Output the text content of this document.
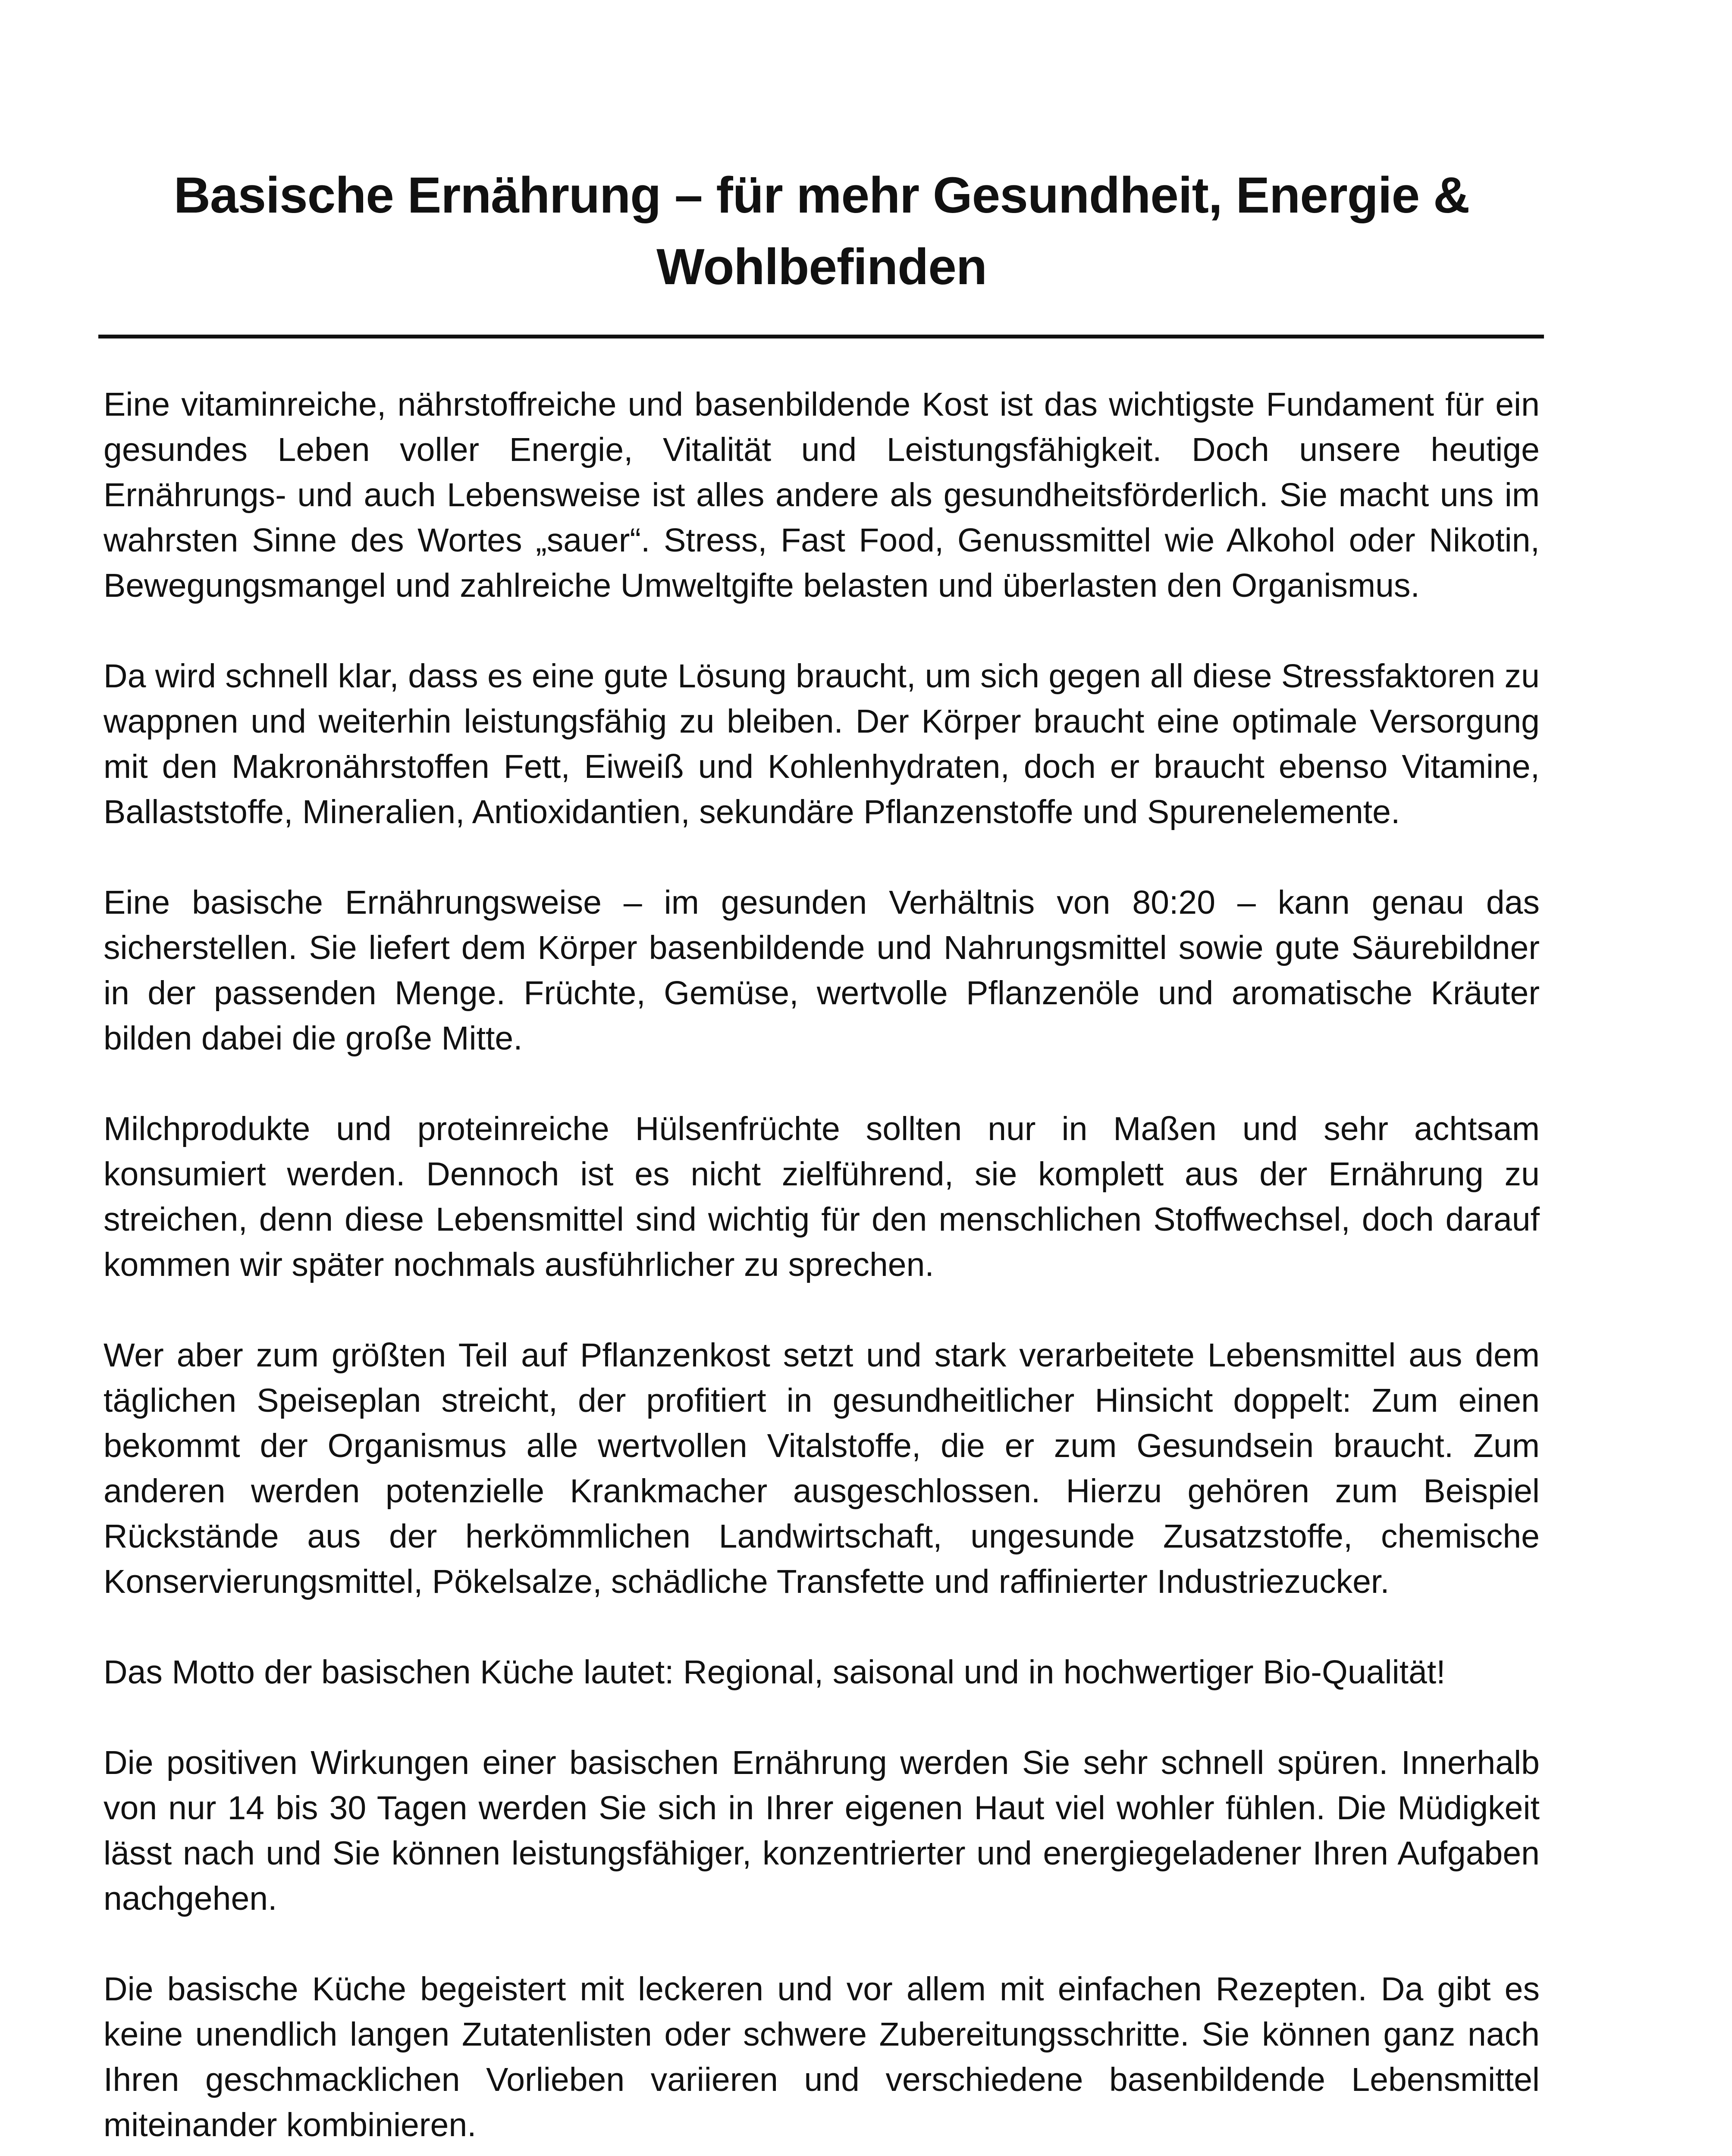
Basische Ernährung – für mehr Gesundheit, Energie & Wohlbefinden

Eine vitaminreiche, nährstoffreiche und basenbildende Kost ist das wichtigste Fundament für ein gesundes Leben voller Energie, Vitalität und Leistungsfähigkeit. Doch unsere heutige Ernährungs- und auch Lebensweise ist alles andere als gesundheitsförderlich. Sie macht uns im wahrsten Sinne des Wortes „sauer“. Stress, Fast Food, Genussmittel wie Alkohol oder Nikotin, Bewegungsmangel und zahlreiche Umweltgifte belasten und überlasten den Organismus.

Da wird schnell klar, dass es eine gute Lösung braucht, um sich gegen all diese Stressfaktoren zu wappnen und weiterhin leistungsfähig zu bleiben. Der Körper braucht eine optimale Versorgung mit den Makronährstoffen Fett, Eiweiß und Kohlenhydraten, doch er braucht ebenso Vitamine, Ballaststoffe, Mineralien, Antioxidantien, sekundäre Pflanzenstoffe und Spurenelemente.

Eine basische Ernährungsweise – im gesunden Verhältnis von 80:20 – kann genau das sicherstellen. Sie liefert dem Körper basenbildende und Nahrungsmittel sowie gute Säurebildner in der passenden Menge. Früchte, Gemüse, wertvolle Pflanzenöle und aromatische Kräuter bilden dabei die große Mitte.

Milchprodukte und proteinreiche Hülsenfrüchte sollten nur in Maßen und sehr achtsam konsumiert werden. Dennoch ist es nicht zielführend, sie komplett aus der Ernährung zu streichen, denn diese Lebensmittel sind wichtig für den menschlichen Stoffwechsel, doch darauf kommen wir später nochmals ausführlicher zu sprechen.

Wer aber zum größten Teil auf Pflanzenkost setzt und stark verarbeitete Lebensmittel aus dem täglichen Speiseplan streicht, der profitiert in gesundheitlicher Hinsicht doppelt: Zum einen bekommt der Organismus alle wertvollen Vitalstoffe, die er zum Gesundsein braucht. Zum anderen werden potenzielle Krankmacher ausgeschlossen. Hierzu gehören zum Beispiel Rückstände aus der herkömmlichen Landwirtschaft, ungesunde Zusatzstoffe, chemische Konservierungsmittel, Pökelsalze, schädliche Transfette und raffinierter Industriezucker.

Das Motto der basischen Küche lautet: Regional, saisonal und in hochwertiger Bio-Qualität!

Die positiven Wirkungen einer basischen Ernährung werden Sie sehr schnell spüren. Innerhalb von nur 14 bis 30 Tagen werden Sie sich in Ihrer eigenen Haut viel wohler fühlen. Die Müdigkeit lässt nach und Sie können leistungsfähiger, konzentrierter und energiegeladener Ihren Aufgaben nachgehen.

Die basische Küche begeistert mit leckeren und vor allem mit einfachen Rezepten. Da gibt es keine unendlich langen Zutatenlisten oder schwere Zubereitungsschritte. Sie können ganz nach Ihren geschmacklichen Vorlieben variieren und verschiedene basenbildende Lebensmittel miteinander kombinieren.
